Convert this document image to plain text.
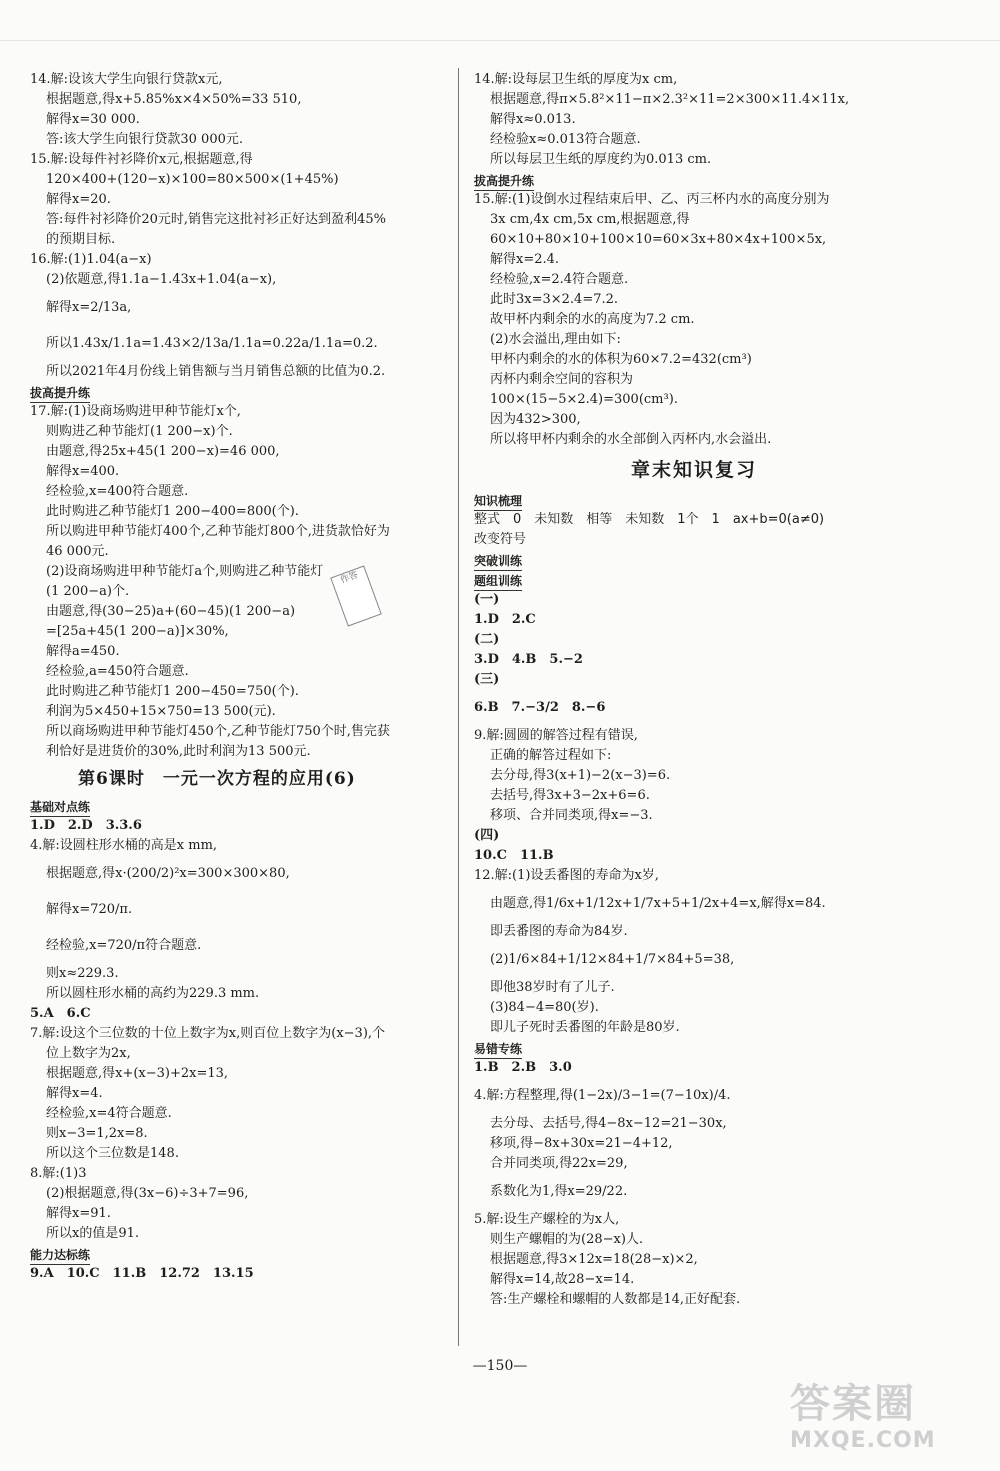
14.解:设该大学生向银行贷款x元,
根据题意,得x+5.85%x×4×50%=33 510,
解得x=30 000.
答:该大学生向银行贷款30 000元.
15.解:设每件衬衫降价x元,根据题意,得
120×400+(120−x)×100=80×500×(1+45%)
解得x=20.
答:每件衬衫降价20元时,销售完这批衬衫正好达到盈利45%
的预期目标.
16.解:(1)1.04(a−x)
(2)依题意,得1.1a−1.43x+1.04(a−x),
解得x=2/13a,
所以1.43x/1.1a=1.43×2/13a/1.1a=0.22a/1.1a=0.2.
所以2021年4月份线上销售额与当月销售总额的比值为0.2.
拔高提升练
17.解:(1)设商场购进甲种节能灯x个,
则购进乙种节能灯(1 200−x)个.
由题意,得25x+45(1 200−x)=46 000,
解得x=400.
经检验,x=400符合题意.
此时购进乙种节能灯1 200−400=800(个).
所以购进甲种节能灯400个,乙种节能灯800个,进货款恰好为
46 000元.
(2)设商场购进甲种节能灯a个,则购进乙种节能灯
(1 200−a)个.
由题意,得(30−25)a+(60−45)(1 200−a)
=[25a+45(1 200−a)]×30%,
解得a=450.
经检验,a=450符合题意.
此时购进乙种节能灯1 200−450=750(个).
利润为5×450+15×750=13 500(元).
所以商场购进甲种节能灯450个,乙种节能灯750个时,售完获
利恰好是进货价的30%,此时利润为13 500元.
第6课时　一元一次方程的应用(6)
基础对点练
1.D　2.D　3.3.6
4.解:设圆柱形水桶的高是x mm,
根据题意,得x·(200/2)²x=300×300×80,
解得x=720/π.
经检验,x=720/π符合题意.
则x≈229.3.
所以圆柱形水桶的高约为229.3 mm.
5.A　6.C
7.解:设这个三位数的十位上数字为x,则百位上数字为(x−3),个
位上数字为2x,
根据题意,得x+(x−3)+2x=13,
解得x=4.
经检验,x=4符合题意.
则x−3=1,2x=8.
所以这个三位数是148.
8.解:(1)3
(2)根据题意,得(3x−6)÷3+7=96,
解得x=91.
所以x的值是91.
能力达标练
9.A　10.C　11.B　12.72　13.15
14.解:设每层卫生纸的厚度为x cm,
根据题意,得π×5.8²×11−π×2.3²×11=2×300×11.4×11x,
解得x≈0.013.
经检验x≈0.013符合题意.
所以每层卫生纸的厚度约为0.013 cm.
拔高提升练
15.解:(1)设倒水过程结束后甲、乙、丙三杯内水的高度分别为
3x cm,4x cm,5x cm,根据题意,得
60×10+80×10+100×10=60×3x+80×4x+100×5x,
解得x=2.4.
经检验,x=2.4符合题意.
此时3x=3×2.4=7.2.
故甲杯内剩余的水的高度为7.2 cm.
(2)水会溢出,理由如下:
甲杯内剩余的水的体积为60×7.2=432(cm³)
丙杯内剩余空间的容积为
100×(15−5×2.4)=300(cm³).
因为432>300,
所以将甲杯内剩余的水全部倒入丙杯内,水会溢出.
章末知识复习
知识梳理
整式　0　未知数　相等　未知数　1个　1　ax+b=0(a≠0)
改变符号
突破训练
题组训练
(一)
1.D　2.C
(二)
3.D　4.B　5.−2
(三)
6.B　7.−3/2　8.−6
9.解:圆圆的解答过程有错误,
正确的解答过程如下:
去分母,得3(x+1)−2(x−3)=6.
去括号,得3x+3−2x+6=6.
移项、合并同类项,得x=−3.
(四)
10.C　11.B
12.解:(1)设丢番图的寿命为x岁,
由题意,得1/6x+1/12x+1/7x+5+1/2x+4=x,解得x=84.
即丢番图的寿命为84岁.
(2)1/6×84+1/12×84+1/7×84+5=38,
即他38岁时有了儿子.
(3)84−4=80(岁).
即儿子死时丢番图的年龄是80岁.
易错专练
1.B　2.B　3.0
4.解:方程整理,得(1−2x)/3−1=(7−10x)/4.
去分母、去括号,得4−8x−12=21−30x,
移项,得−8x+30x=21−4+12,
合并同类项,得22x=29,
系数化为1,得x=29/22.
5.解:设生产螺栓的为x人,
则生产螺帽的为(28−x)人.
根据题意,得3×12x=18(28−x)×2,
解得x=14,故28−x=14.
答:生产螺栓和螺帽的人数都是14,正好配套.
作答
—150—
答案圈
MXQE.COM
